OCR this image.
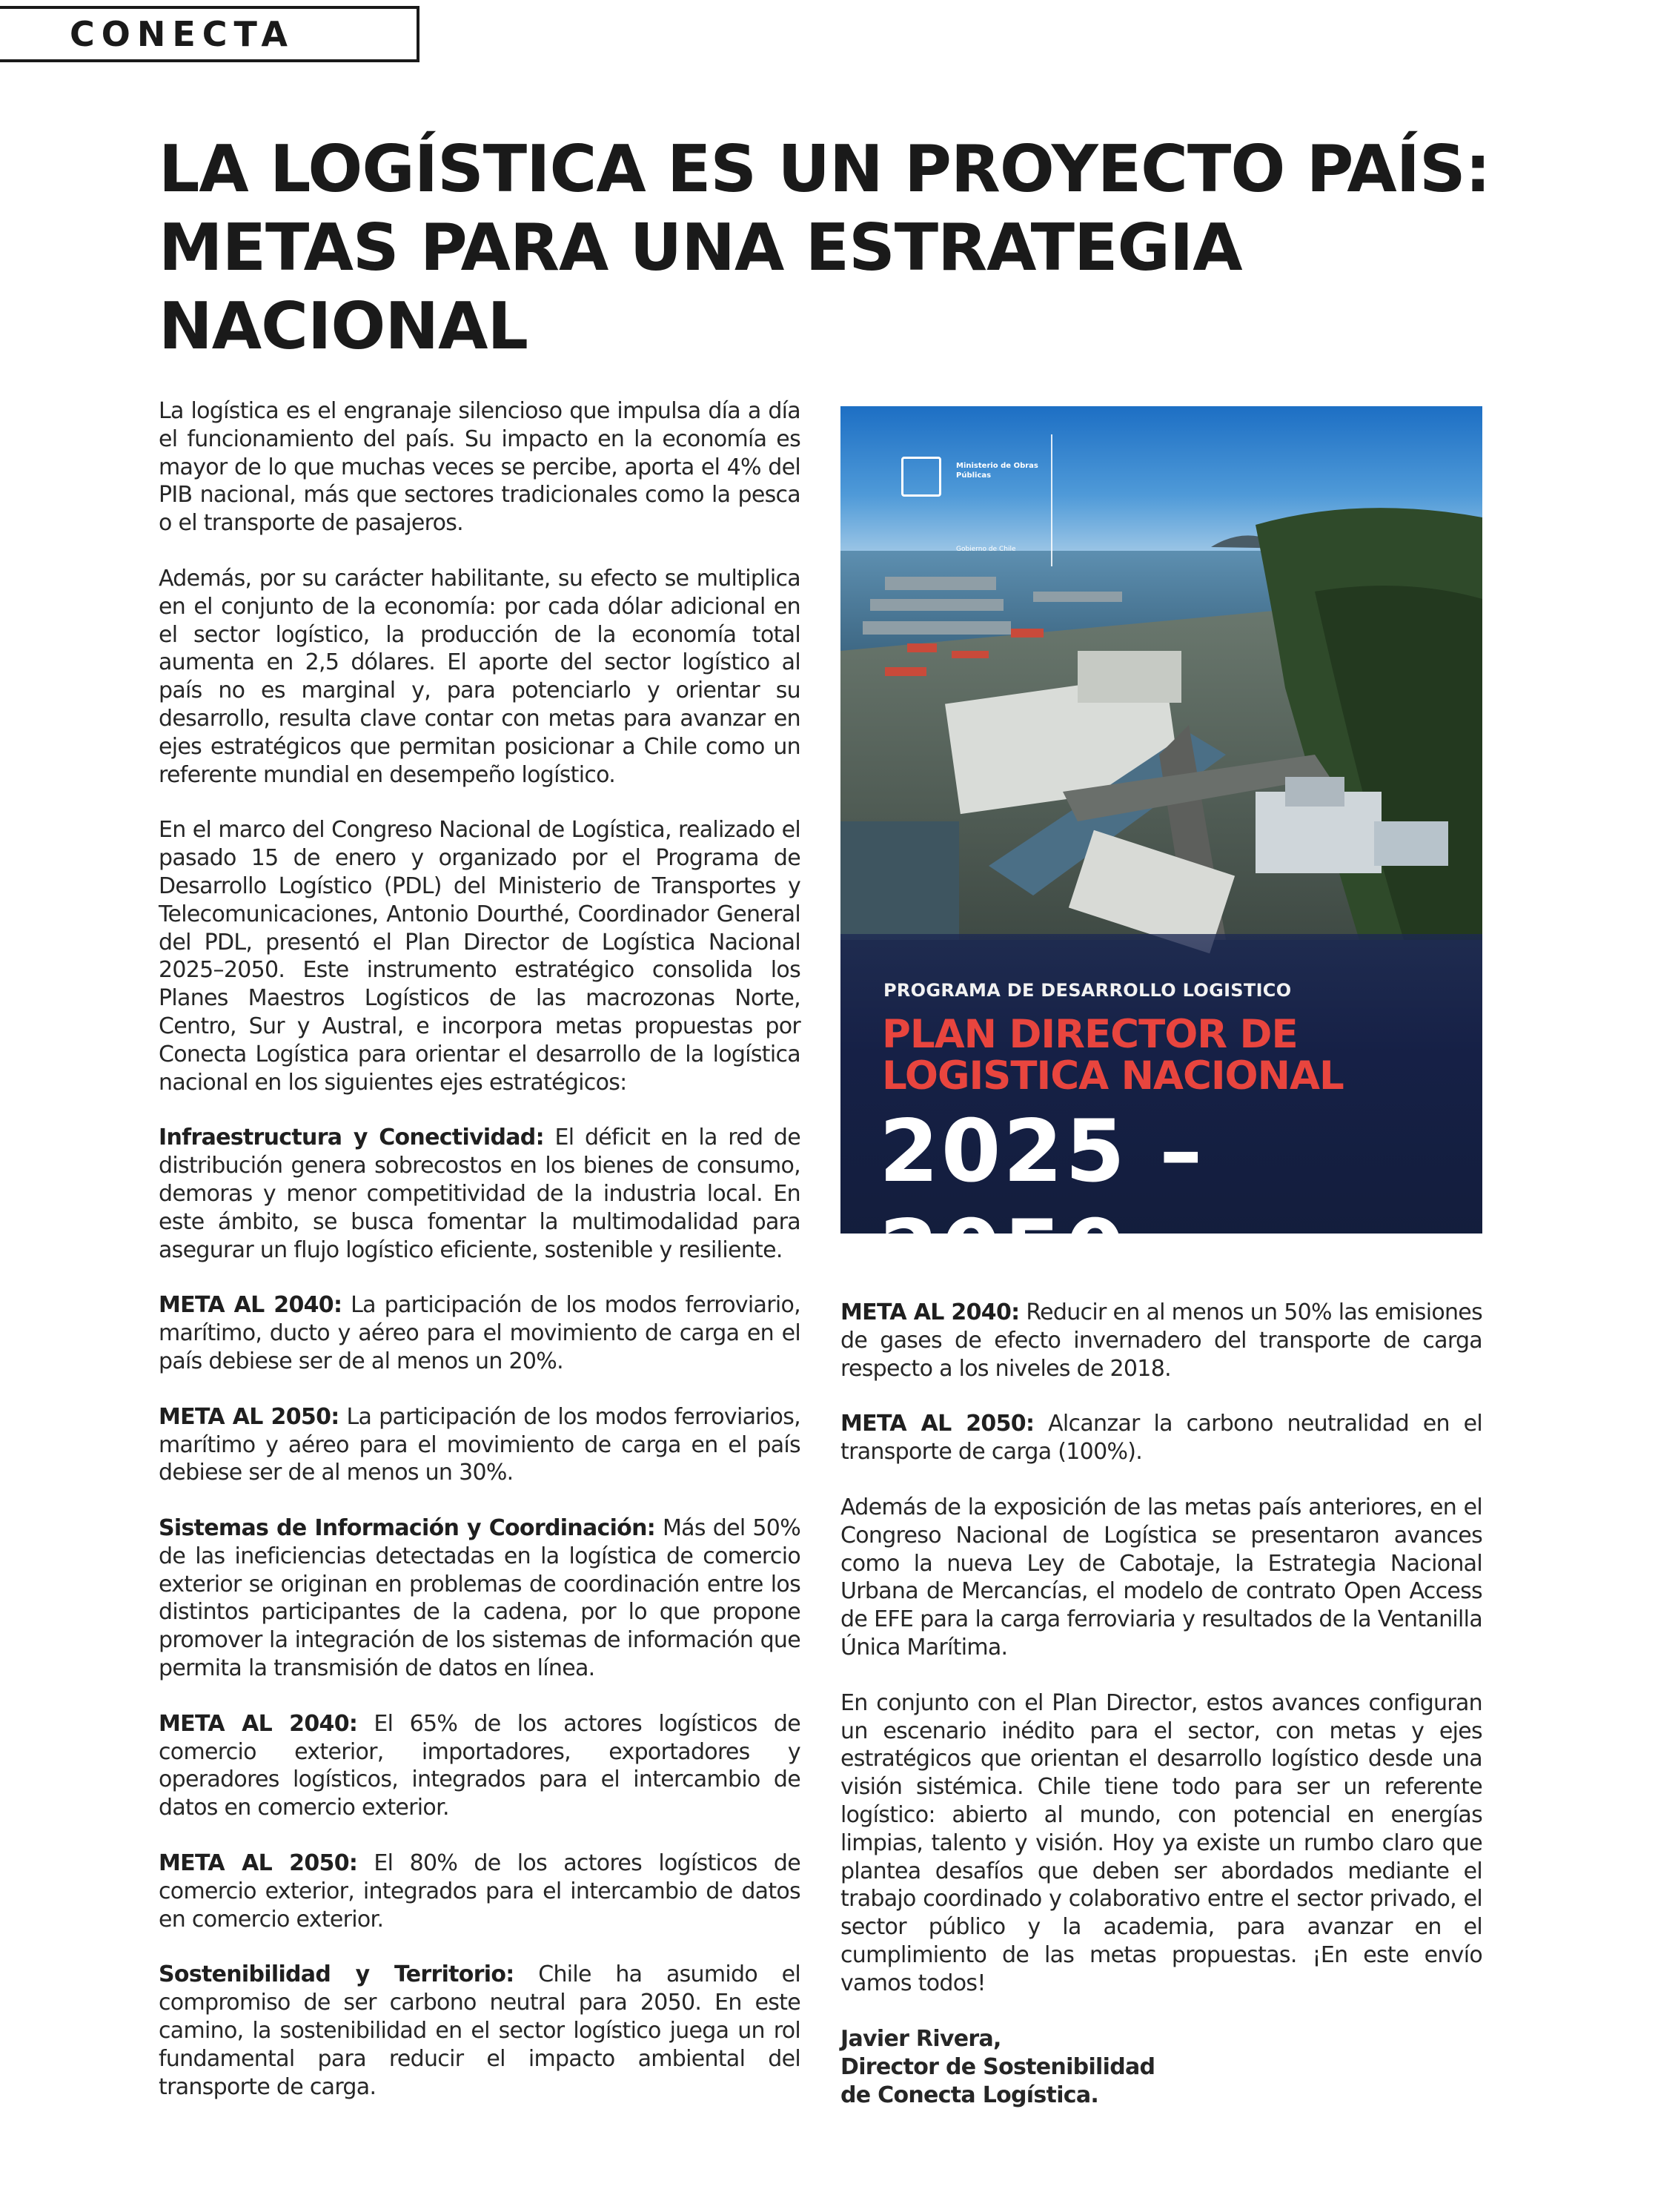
CONECTA
LA LOGÍSTICA ES UN PROYECTO PAÍS: METAS PARA UNA ESTRATEGIA NACIONAL

La logística es el engranaje silencioso que impulsa día a día el funcionamiento del país. Su impacto en la economía es mayor de lo que muchas veces se percibe, aporta el 4% del PIB nacional, más que sectores tradicionales como la pesca o el transporte de pasajeros.

Además, por su carácter habilitante, su efecto se multiplica en el conjunto de la economía: por cada dólar adicional en el sector logístico, la producción de la economía total aumenta en 2,5 dólares. El aporte del sector logístico al país no es marginal y, para potenciarlo y orientar su desarrollo, resulta clave contar con metas para avanzar en ejes estratégicos que permitan posicionar a Chile como un referente mundial en desempeño logístico.

En el marco del Congreso Nacional de Logística, realizado el pasado 15 de enero y organizado por el Programa de Desarrollo Logístico (PDL) del Ministerio de Transportes y Telecomunicaciones, Antonio Dourthé, Coordinador General del PDL, presentó el Plan Director de Logística Nacional 2025–2050. Este instrumento estratégico consolida los Planes Maestros Logísticos de las macrozonas Norte, Centro, Sur y Austral, e incorpora metas propuestas por Conecta Logística para orientar el desarrollo de la logística nacional en los siguientes ejes estratégicos:

Infraestructura y Conectividad: El déficit en la red de distribución genera sobrecostos en los bienes de consumo, demoras y menor competitividad de la industria local. En este ámbito, se busca fomentar la multimodalidad para asegurar un flujo logístico eficiente, sostenible y resiliente.

META AL 2040: La participación de los modos ferroviario, marítimo, ducto y aéreo para el movimiento de carga en el país debiese ser de al menos un 20%.

META AL 2050: La participación de los modos ferroviarios, marítimo y aéreo para el movimiento de carga en el país debiese ser de al menos un 30%.

Sistemas de Información y Coordinación: Más del 50% de las ineficiencias detectadas en la logística de comercio exterior se originan en problemas de coordinación entre los distintos participantes de la cadena, por lo que propone promover la integración de los sistemas de información que permita la transmisión de datos en línea.

META AL 2040: El 65% de los actores logísticos de comercio exterior, importadores, exportadores y operadores logísticos, integrados para el intercambio de datos en comercio exterior.

META AL 2050: El 80% de los actores logísticos de comercio exterior, integrados para el intercambio de datos en comercio exterior.

Sostenibilidad y Territorio: Chile ha asumido el compromiso de ser carbono neutral para 2050. En este camino, la sostenibilidad en el sector logístico juega un rol fundamental para reducir el impacto ambiental del transporte de carga.

Ministerio de Obras Públicas
Gobierno de Chile
PROGRAMA DE DESARROLLO LOGISTICO
PLAN DIRECTOR DE
LOGISTICA NACIONAL
2025 – 2050

META AL 2040: Reducir en al menos un 50% las emisiones de gases de efecto invernadero del transporte de carga respecto a los niveles de 2018.

META AL 2050: Alcanzar la carbono neutralidad en el transporte de carga (100%).

Además de la exposición de las metas país anteriores, en el Congreso Nacional de Logística se presentaron avances como la nueva Ley de Cabotaje, la Estrategia Nacional Urbana de Mercancías, el modelo de contrato Open Access de EFE para la carga ferroviaria y resultados de la Ventanilla Única Marítima.

En conjunto con el Plan Director, estos avances configuran un escenario inédito para el sector, con metas y ejes estratégicos que orientan el desarrollo logístico desde una visión sistémica. Chile tiene todo para ser un referente logístico: abierto al mundo, con potencial en energías limpias, talento y visión. Hoy ya existe un rumbo claro que plantea desafíos que deben ser abordados mediante el trabajo coordinado y colaborativo entre el sector privado, el sector público y la academia, para avanzar en el cumplimiento de las metas propuestas. ¡En este envío vamos todos!

Javier Rivera,
Director de Sostenibilidad
de Conecta Logística.
